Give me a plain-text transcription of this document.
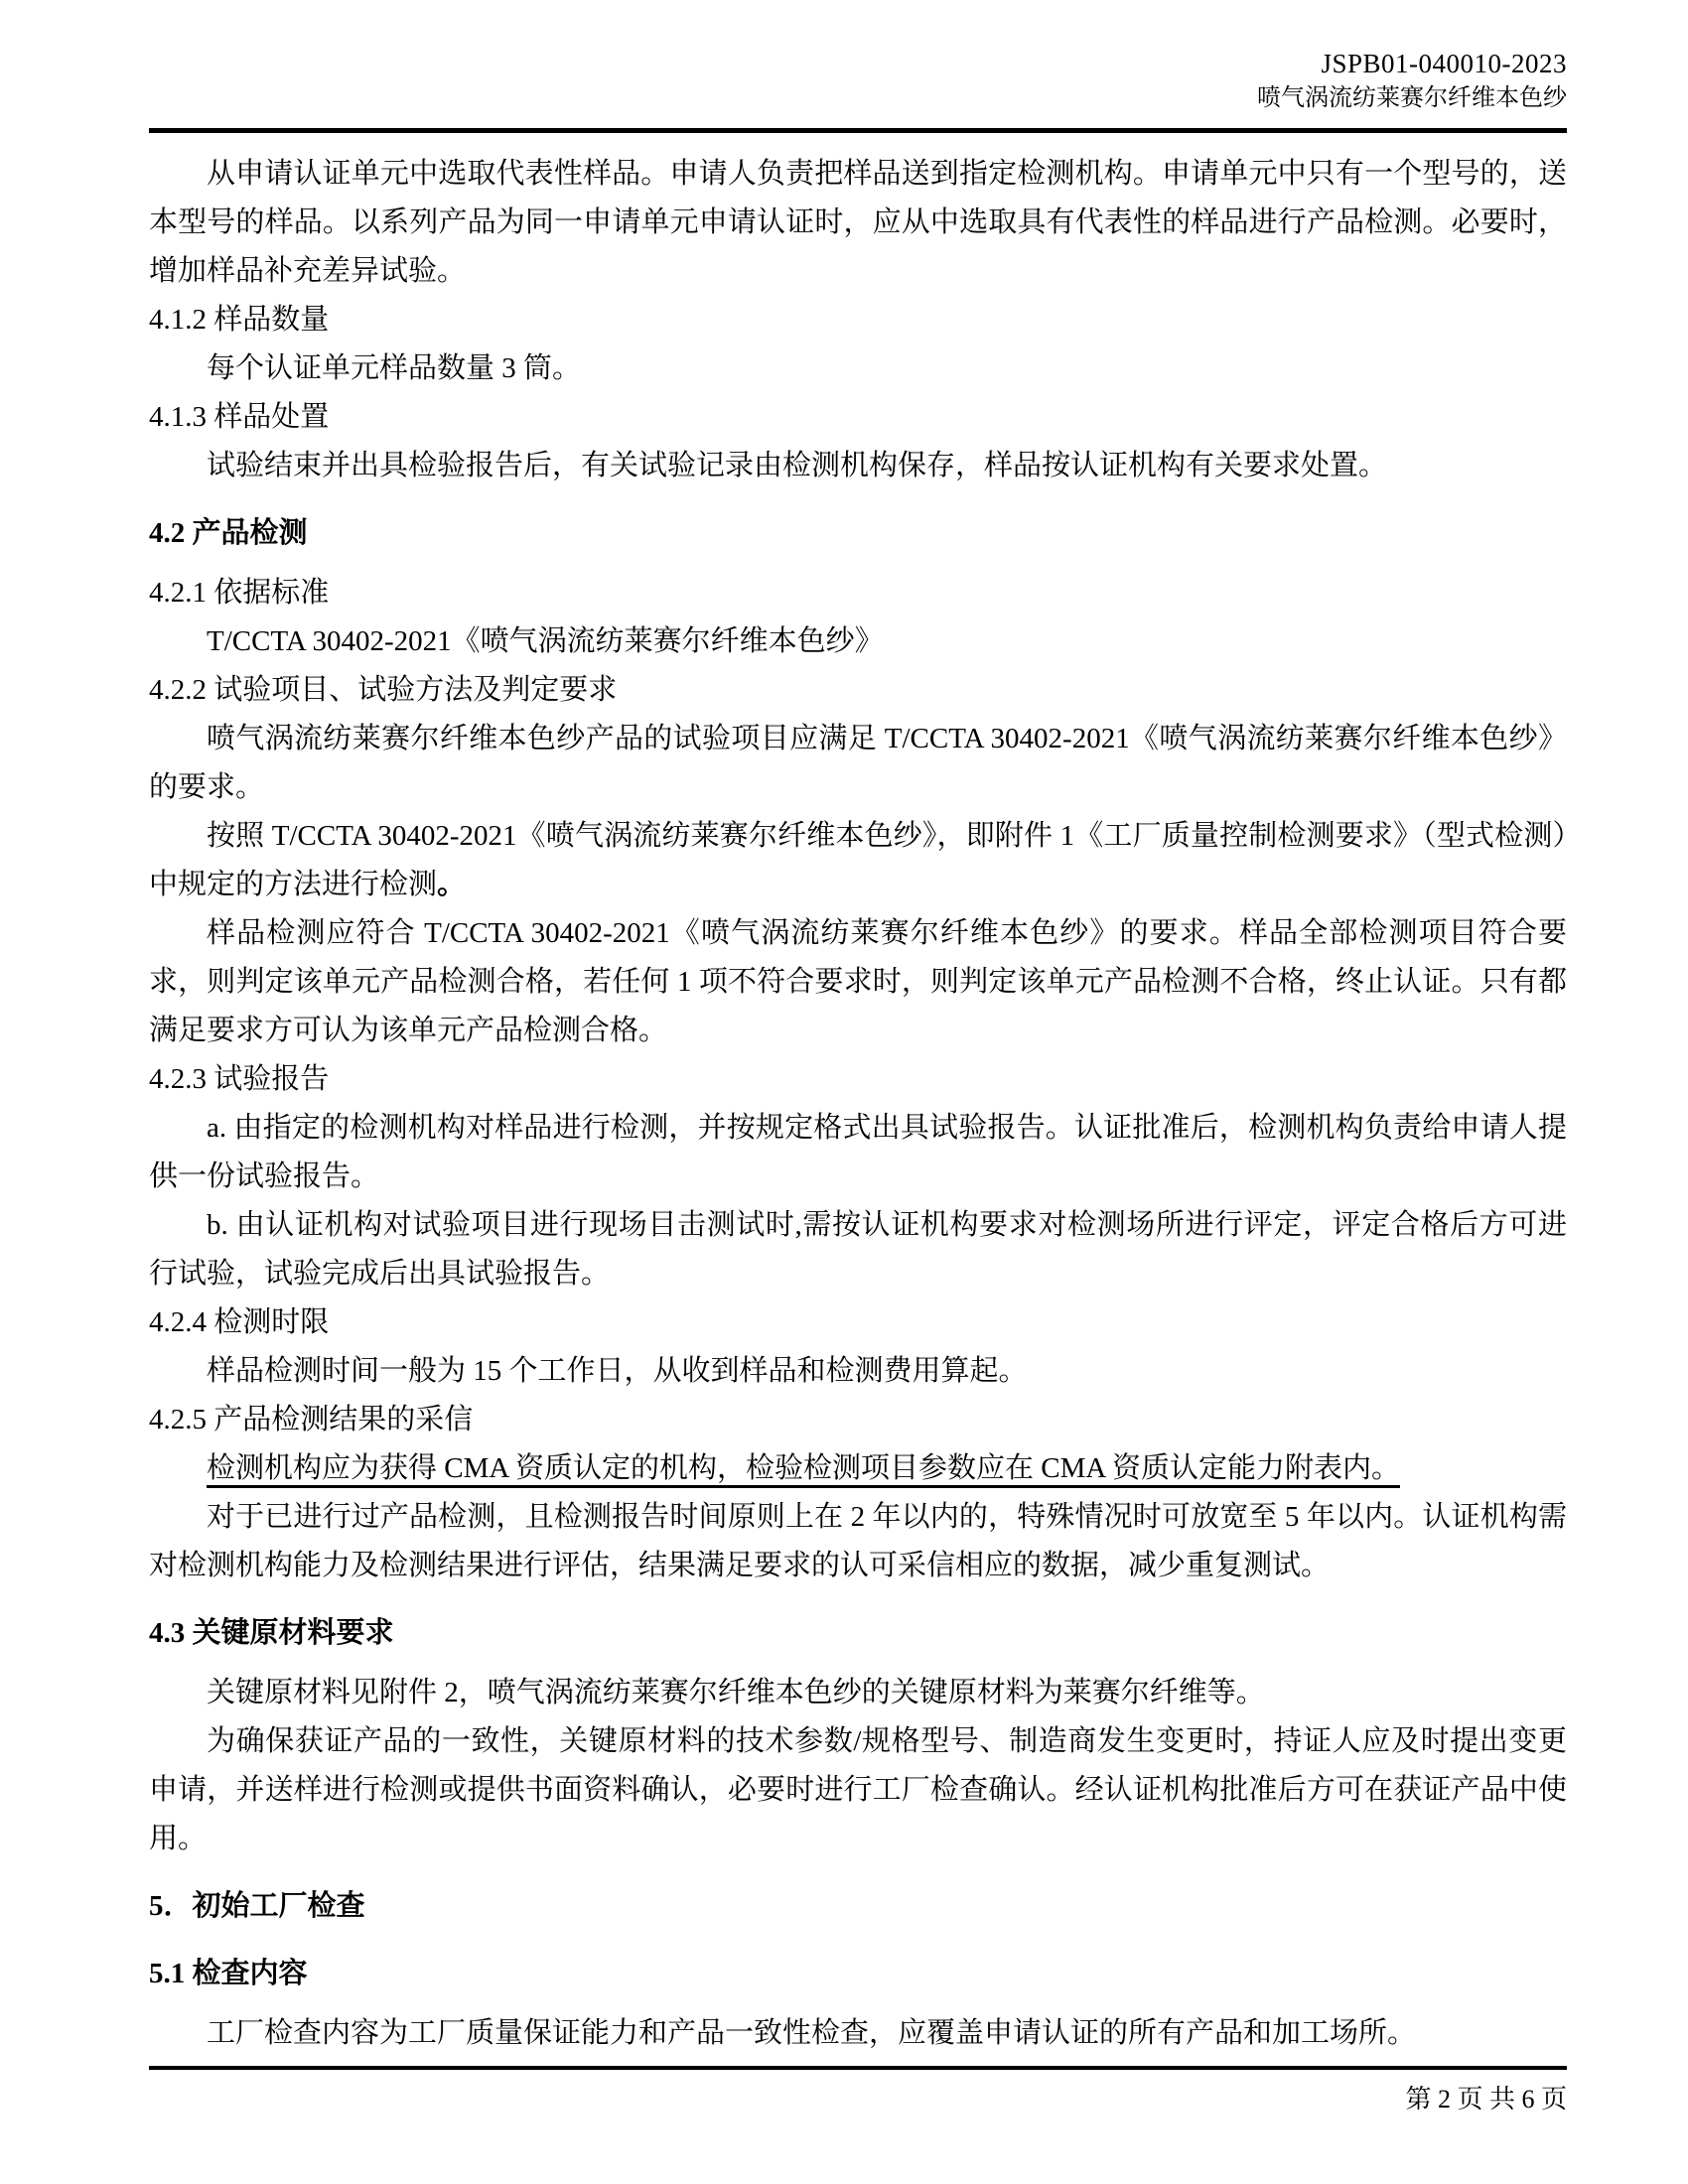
JSPB01-040010-2023
喷气涡流纺莱赛尔纤维本色纱

从申请认证单元中选取代表性样品。申请人负责把样品送到指定检测机构。申请单元中只有一个型号的，送本型号的样品。以系列产品为同一申请单元申请认证时，应从中选取具有代表性的样品进行产品检测。必要时，增加样品补充差异试验。

4.1.2 样品数量

每个认证单元样品数量 3 筒。

4.1.3 样品处置

试验结束并出具检验报告后，有关试验记录由检测机构保存，样品按认证机构有关要求处置。

4.2 产品检测

4.2.1 依据标准

T/CCTA 30402-2021《喷气涡流纺莱赛尔纤维本色纱》

4.2.2 试验项目、试验方法及判定要求

喷气涡流纺莱赛尔纤维本色纱产品的试验项目应满足 T/CCTA 30402-2021《喷气涡流纺莱赛尔纤维本色纱》的要求。

按照 T/CCTA 30402-2021《喷气涡流纺莱赛尔纤维本色纱》，即附件 1《工厂质量控制检测要求》（型式检测）中规定的方法进行检测。

样品检测应符合 T/CCTA 30402-2021《喷气涡流纺莱赛尔纤维本色纱》的要求。样品全部检测项目符合要求，则判定该单元产品检测合格，若任何 1 项不符合要求时，则判定该单元产品检测不合格，终止认证。只有都满足要求方可认为该单元产品检测合格。

4.2.3 试验报告

a. 由指定的检测机构对样品进行检测，并按规定格式出具试验报告。认证批准后，检测机构负责给申请人提供一份试验报告。

b. 由认证机构对试验项目进行现场目击测试时,需按认证机构要求对检测场所进行评定，评定合格后方可进行试验，试验完成后出具试验报告。

4.2.4 检测时限

样品检测时间一般为 15 个工作日，从收到样品和检测费用算起。

4.2.5 产品检测结果的采信

检测机构应为获得 CMA 资质认定的机构，检验检测项目参数应在 CMA 资质认定能力附表内。

对于已进行过产品检测，且检测报告时间原则上在 2 年以内的，特殊情况时可放宽至 5 年以内。认证机构需对检测机构能力及检测结果进行评估，结果满足要求的认可采信相应的数据，减少重复测试。

4.3 关键原材料要求

关键原材料见附件 2，喷气涡流纺莱赛尔纤维本色纱的关键原材料为莱赛尔纤维等。

为确保获证产品的一致性，关键原材料的技术参数/规格型号、制造商发生变更时，持证人应及时提出变更申请，并送样进行检测或提供书面资料确认，必要时进行工厂检查确认。经认证机构批准后方可在获证产品中使用。

5．初始工厂检查

5.1 检查内容

工厂检查内容为工厂质量保证能力和产品一致性检查，应覆盖申请认证的所有产品和加工场所。

第 2 页 共 6 页
